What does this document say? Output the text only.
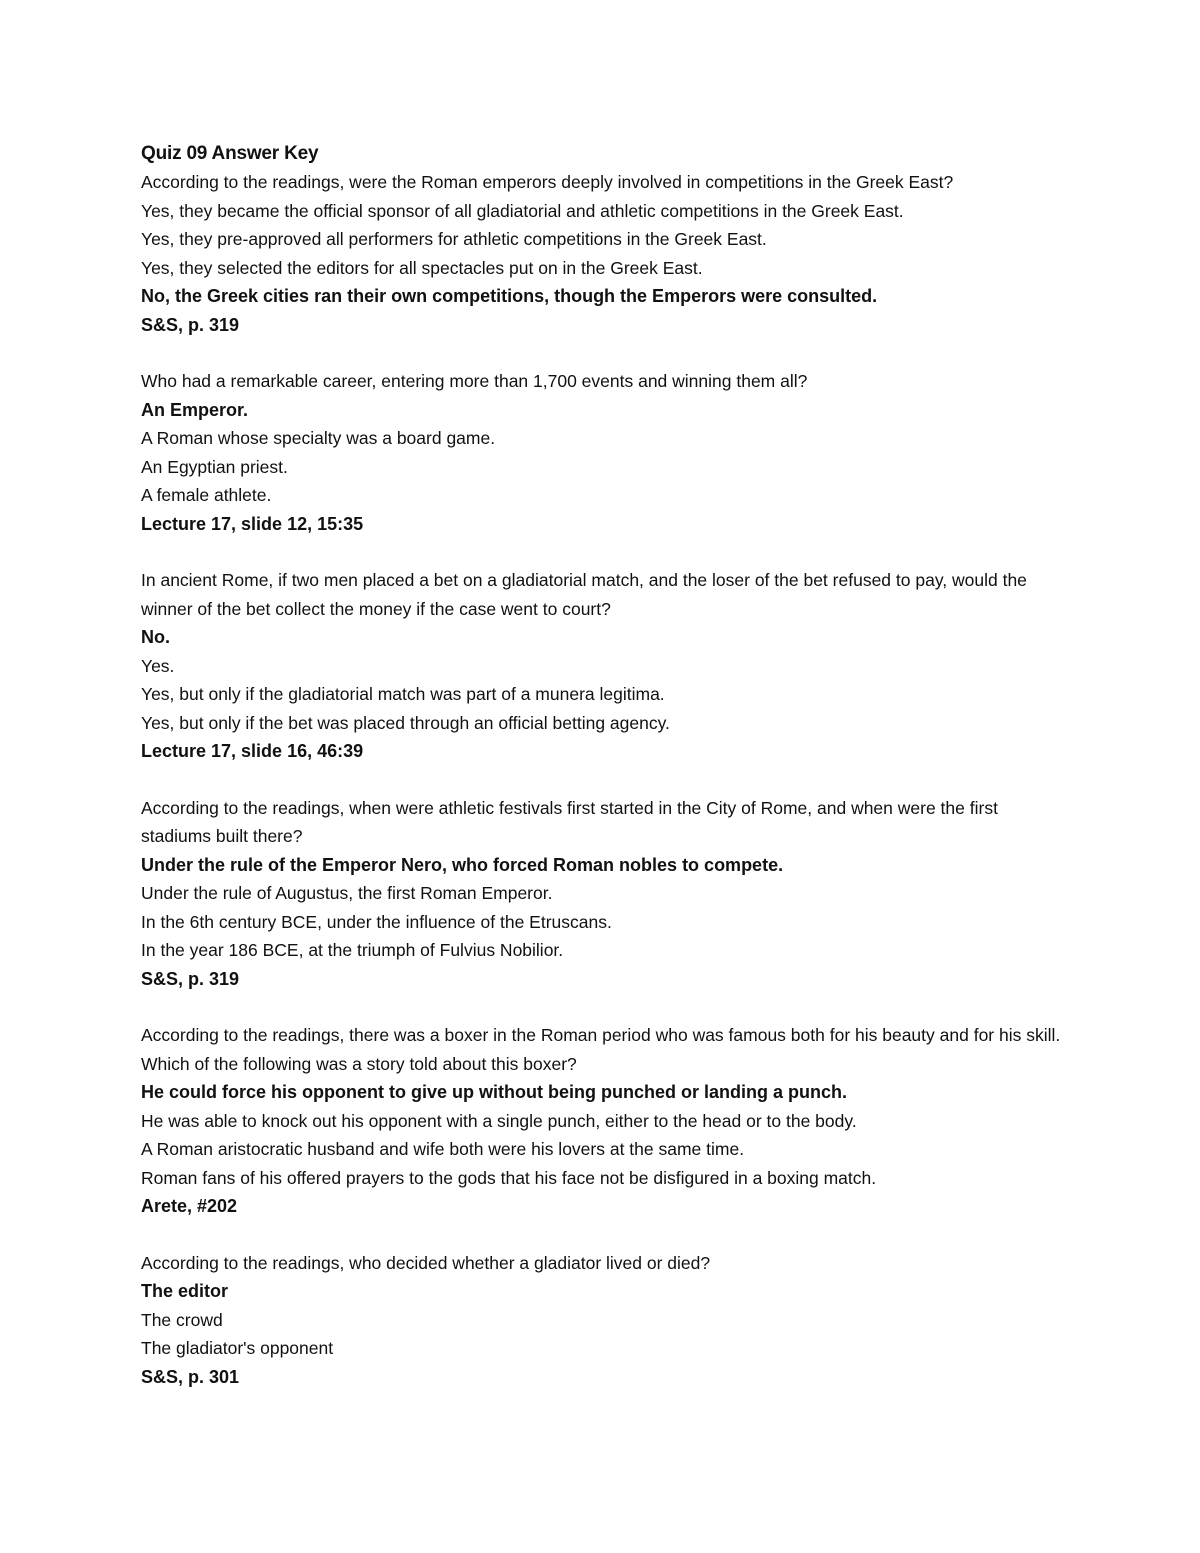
Quiz 09 Answer Key

According to the readings, were the Roman emperors deeply involved in competitions in the Greek East?

Yes, they became the official sponsor of all gladiatorial and athletic competitions in the Greek East.

Yes, they pre-approved all performers for athletic competitions in the Greek East.

Yes, they selected the editors for all spectacles put on in the Greek East.

No, the Greek cities ran their own competitions, though the Emperors were consulted.

S&S, p. 319

Who had a remarkable career, entering more than 1,700 events and winning them all?

An Emperor.

A Roman whose specialty was a board game.

An Egyptian priest.

A female athlete.

Lecture 17, slide 12, 15:35

In ancient Rome, if two men placed a bet on a gladiatorial match, and the loser of the bet refused to pay, would the winner of the bet collect the money if the case went to court?

No.

Yes.

Yes, but only if the gladiatorial match was part of a munera legitima.

Yes, but only if the bet was placed through an official betting agency.

Lecture 17, slide 16, 46:39

According to the readings, when were athletic festivals first started in the City of Rome, and when were the first stadiums built there?

Under the rule of the Emperor Nero, who forced Roman nobles to compete.

Under the rule of Augustus, the first Roman Emperor.

In the 6th century BCE, under the influence of the Etruscans.

In the year 186 BCE, at the triumph of Fulvius Nobilior.

S&S, p. 319

According to the readings, there was a boxer in the Roman period who was famous both for his beauty and for his skill. Which of the following was a story told about this boxer?

He could force his opponent to give up without being punched or landing a punch.

He was able to knock out his opponent with a single punch, either to the head or to the body.

A Roman aristocratic husband and wife both were his lovers at the same time.

Roman fans of his offered prayers to the gods that his face not be disfigured in a boxing match.

Arete, #202

According to the readings, who decided whether a gladiator lived or died?

The editor

The crowd

The gladiator's opponent

S&S, p. 301
